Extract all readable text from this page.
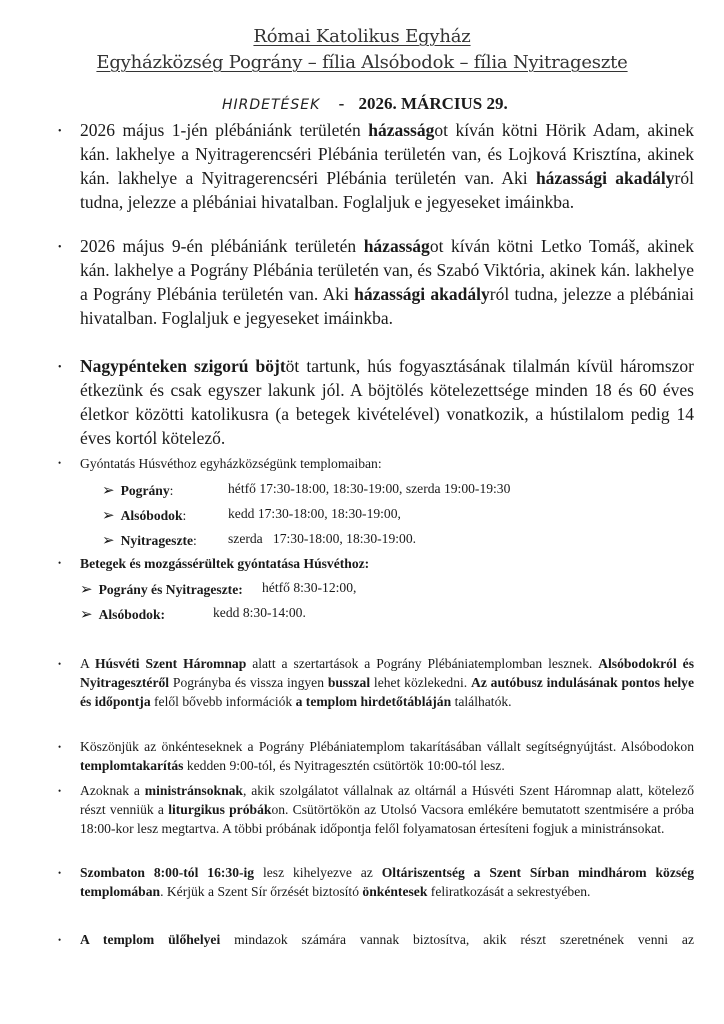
Római Katolikus Egyház
Egyházközség Pográny – fília Alsóbodok – fília Nyitrageszte
HIRDETÉSEK - 2026. MÁRCIUS 29.
• 2026 május 1-jén plébániánk területén házasságot kíván kötni Hörik Adam, akinek kán. lakhelye a Nyitragerencséri Plébánia területén van, és Lojková Krisztína, akinek kán. lakhelye a Nyitragerencséri Plébánia területén van. Aki házassági akadályról tudna, jelezze a plébániai hivatalban. Foglaljuk e jegyeseket imáinkba.
• 2026 május 9-én plébániánk területén házasságot kíván kötni Letko Tomáš, akinek kán. lakhelye a Pográny Plébánia területén van, és Szabó Viktória, akinek kán. lakhelye a Pográny Plébánia területén van. Aki házassági akadályról tudna, jelezze a plébániai hivatalban. Foglaljuk e jegyeseket imáinkba.
• Nagypénteken szigorú böjtöt tartunk, hús fogyasztásának tilalmán kívül háromszor étkezünk és csak egyszer lakunk jól. A böjtölés kötelezettsége minden 18 és 60 éves életkor közötti katolikusra (a betegek kivételével) vonatkozik, a hústilalom pedig 14 éves kortól kötelező.
• Gyóntatás Húsvéthoz egyházközségünk templomaiban:
➢ Pográny:	hétfő 17:30-18:00, 18:30-19:00, szerda 19:00-19:30
➢ Alsóbodok:	kedd 17:30-18:00, 18:30-19:00,
➢ Nyitrageszte: szerda   17:30-18:00, 18:30-19:00.
• Betegek és mozgássérültek gyóntatása Húsvéthoz:
➢ Pográny és Nyitrageszte: hétfő 8:30-12:00,
➢ Alsóbodok:	kedd 8:30-14:00.
• A Húsvéti Szent Háromnap alatt a szertartások a Pográny Plébániatemplomban lesznek. Alsóbodokról és Nyitragesztéről Pogrányba és vissza ingyen busszal lehet közlekedni. Az autóbusz indulásának pontos helye és időpontja felől bővebb információk a templom hirdetőtábláján találhatók.
• Köszönjük az önkénteseknek a Pográny Plébániatemplom takarításában vállalt segítségnyújtást. Alsóbodokon templomtakarítás kedden 9:00-tól, és Nyitragesztén csütörtök 10:00-tól lesz.
• Azoknak a ministránsoknak, akik szolgálatot vállalnak az oltárnál a Húsvéti Szent Háromnap alatt, kötelező részt venniük a liturgikus próbákon. Csütörtökön az Utolsó Vacsora emlékére bemutatott szentmisére a próba 18:00-kor lesz megtartva. A többi próbának időpontja felől folyamatosan értesíteni fogjuk a ministránsokat.
• Szombaton 8:00-tól 16:30-ig lesz kihelyezve az Oltáriszentség a Szent Sírban mindhárom község templomában. Kérjük a Szent Sír őrzését biztosító önkéntesek feliratkozását a sekrestyében.
• A templom ülőhelyei mindazok számára vannak biztosítva, akik részt szeretnének venni az
